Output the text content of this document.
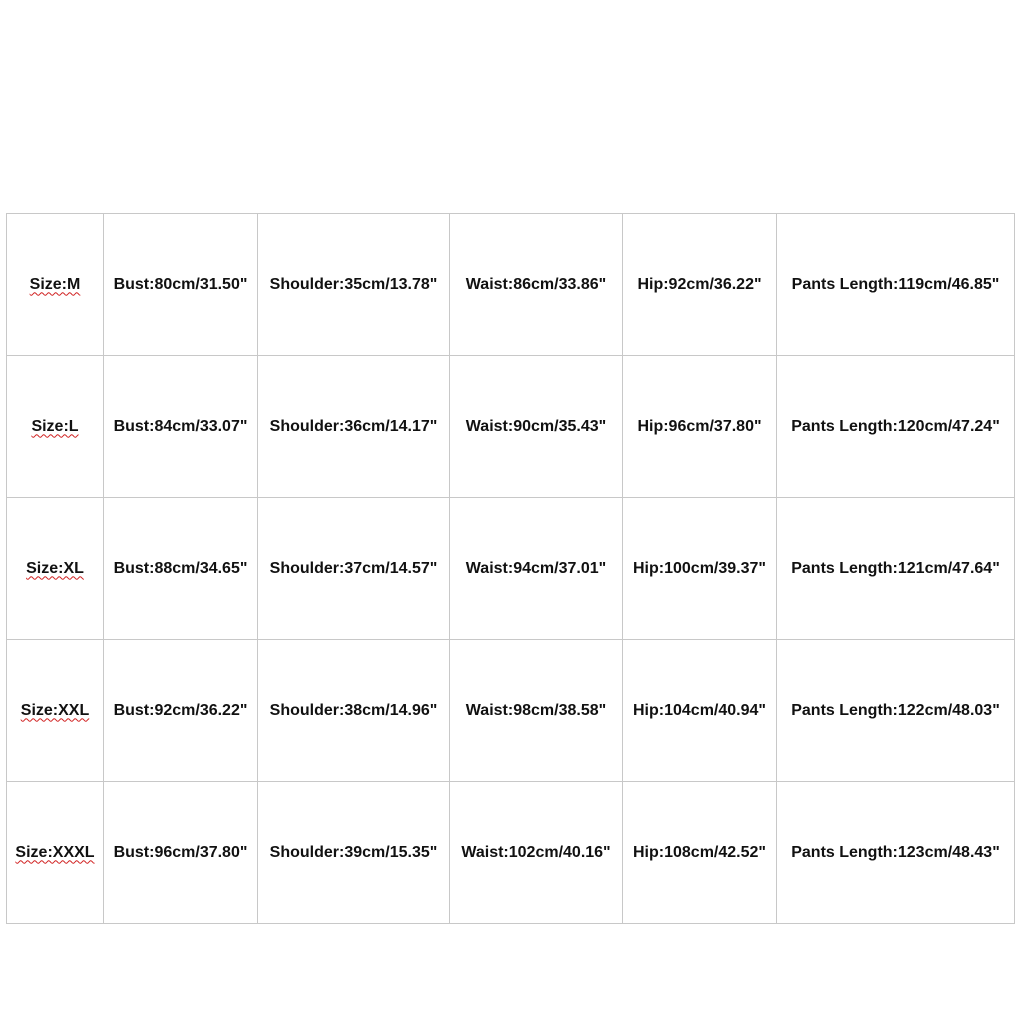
Size:M	Bust:80cm/31.50"	Shoulder:35cm/13.78"	Waist:86cm/33.86"	Hip:92cm/36.22"	Pants Length:119cm/46.85"
Size:L	Bust:84cm/33.07"	Shoulder:36cm/14.17"	Waist:90cm/35.43"	Hip:96cm/37.80"	Pants Length:120cm/47.24"
Size:XL	Bust:88cm/34.65"	Shoulder:37cm/14.57"	Waist:94cm/37.01"	Hip:100cm/39.37"	Pants Length:121cm/47.64"
Size:XXL	Bust:92cm/36.22"	Shoulder:38cm/14.96"	Waist:98cm/38.58"	Hip:104cm/40.94"	Pants Length:122cm/48.03"
Size:XXXL	Bust:96cm/37.80"	Shoulder:39cm/15.35"	Waist:102cm/40.16"	Hip:108cm/42.52"	Pants Length:123cm/48.43"
